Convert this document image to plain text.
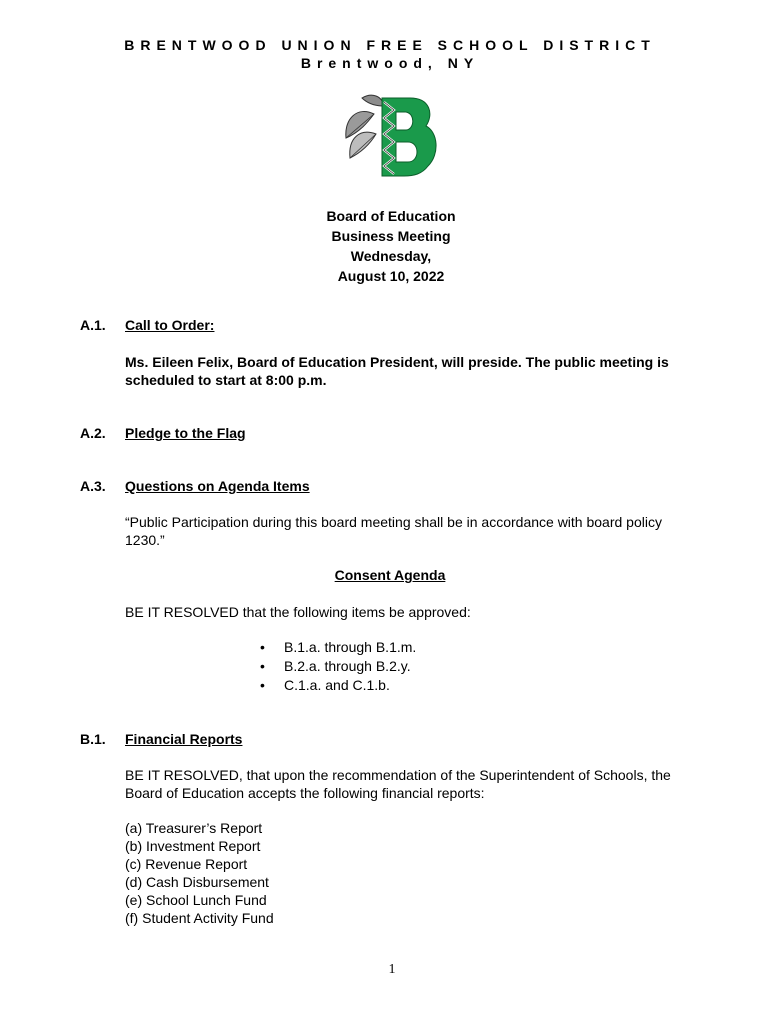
BRENTWOOD UNION FREE SCHOOL DISTRICT
Brentwood, NY
Board of Education
Business Meeting
Wednesday,
August 10, 2022
A.1. Call to Order:
Ms. Eileen Felix, Board of Education President, will preside. The public meeting is scheduled to start at 8:00 p.m.
A.2. Pledge to the Flag
A.3. Questions on Agenda Items
“Public Participation during this board meeting shall be in accordance with board policy 1230.”
Consent Agenda
BE IT RESOLVED that the following items be approved:
• B.1.a. through B.1.m.
• B.2.a. through B.2.y.
• C.1.a. and C.1.b.
B.1. Financial Reports
BE IT RESOLVED, that upon the recommendation of the Superintendent of Schools, the Board of Education accepts the following financial reports:
(a) Treasurer’s Report
(b) Investment Report
(c) Revenue Report
(d) Cash Disbursement
(e) School Lunch Fund
(f) Student Activity Fund
1
